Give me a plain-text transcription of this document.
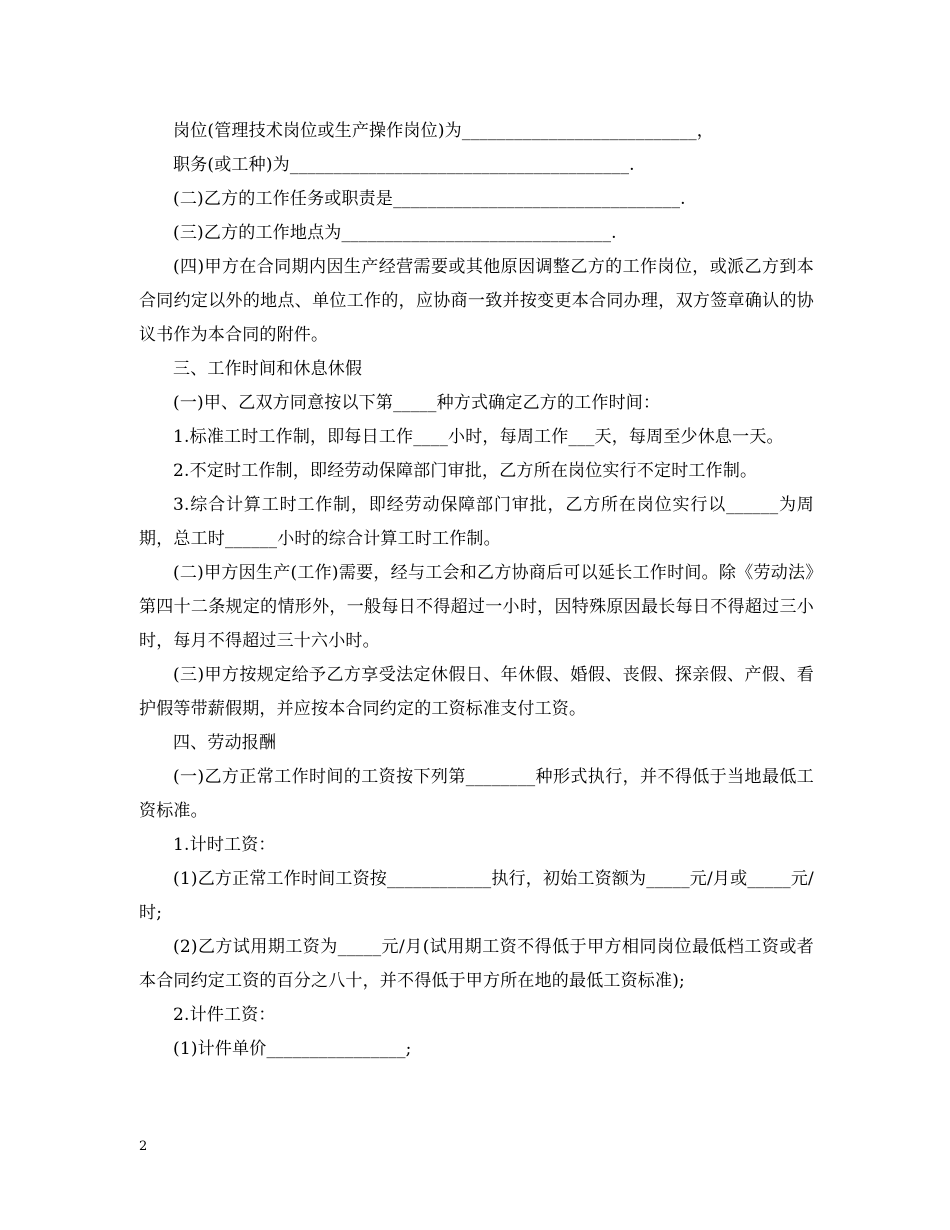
岗位(管理技术岗位或生产操作岗位)为___________________________，

职务(或工种)为_______________________________________.

(二)乙方的工作任务或职责是_________________________________.

(三)乙方的工作地点为_______________________________.

(四)甲方在合同期内因生产经营需要或其他原因调整乙方的工作岗位，或派乙方到本合同约定以外的地点、单位工作的，应协商一致并按变更本合同办理，双方签章确认的协议书作为本合同的附件。

三、工作时间和休息休假

(一)甲、乙双方同意按以下第_____种方式确定乙方的工作时间：

1.标准工时工作制，即每日工作____小时，每周工作___天，每周至少休息一天。

2.不定时工作制，即经劳动保障部门审批，乙方所在岗位实行不定时工作制。

3.综合计算工时工作制，即经劳动保障部门审批，乙方所在岗位实行以______为周期，总工时______小时的综合计算工时工作制。

(二)甲方因生产(工作)需要，经与工会和乙方协商后可以延长工作时间。除《劳动法》第四十二条规定的情形外，一般每日不得超过一小时，因特殊原因最长每日不得超过三小时，每月不得超过三十六小时。

(三)甲方按规定给予乙方享受法定休假日、年休假、婚假、丧假、探亲假、产假、看护假等带薪假期，并应按本合同约定的工资标准支付工资。

四、劳动报酬

(一)乙方正常工作时间的工资按下列第________种形式执行，并不得低于当地最低工资标准。

1.计时工资：

(1)乙方正常工作时间工资按____________执行，初始工资额为_____元/月或_____元/时;

(2)乙方试用期工资为_____元/月(试用期工资不得低于甲方相同岗位最低档工资或者本合同约定工资的百分之八十，并不得低于甲方所在地的最低工资标准);

2.计件工资：

(1)计件单价________________;

2
